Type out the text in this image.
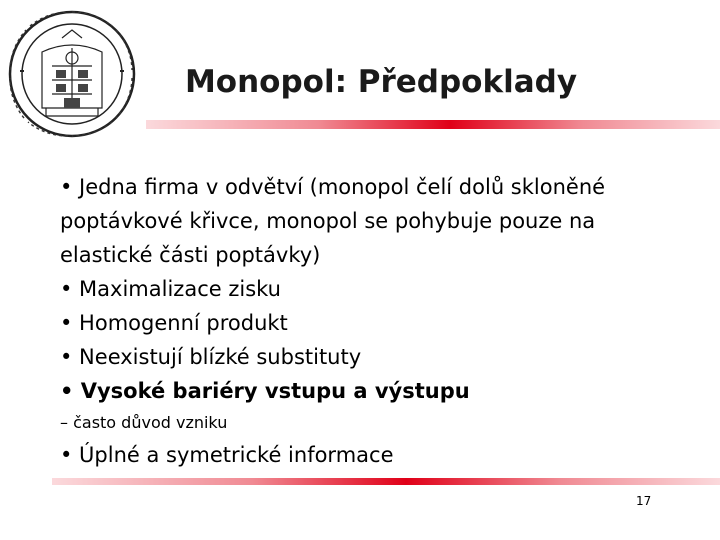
Monopol: Předpoklady

• Jedna firma v odvětví (monopol čelí dolů skloněné poptávkové křivce, monopol se pohybuje pouze na elastické části poptávky)

• Maximalizace zisku

• Homogenní produkt

• Neexistují blízké substituty

• Vysoké bariéry vstupu a výstupu

– často důvod vzniku

• Úplné a symetrické informace

17
